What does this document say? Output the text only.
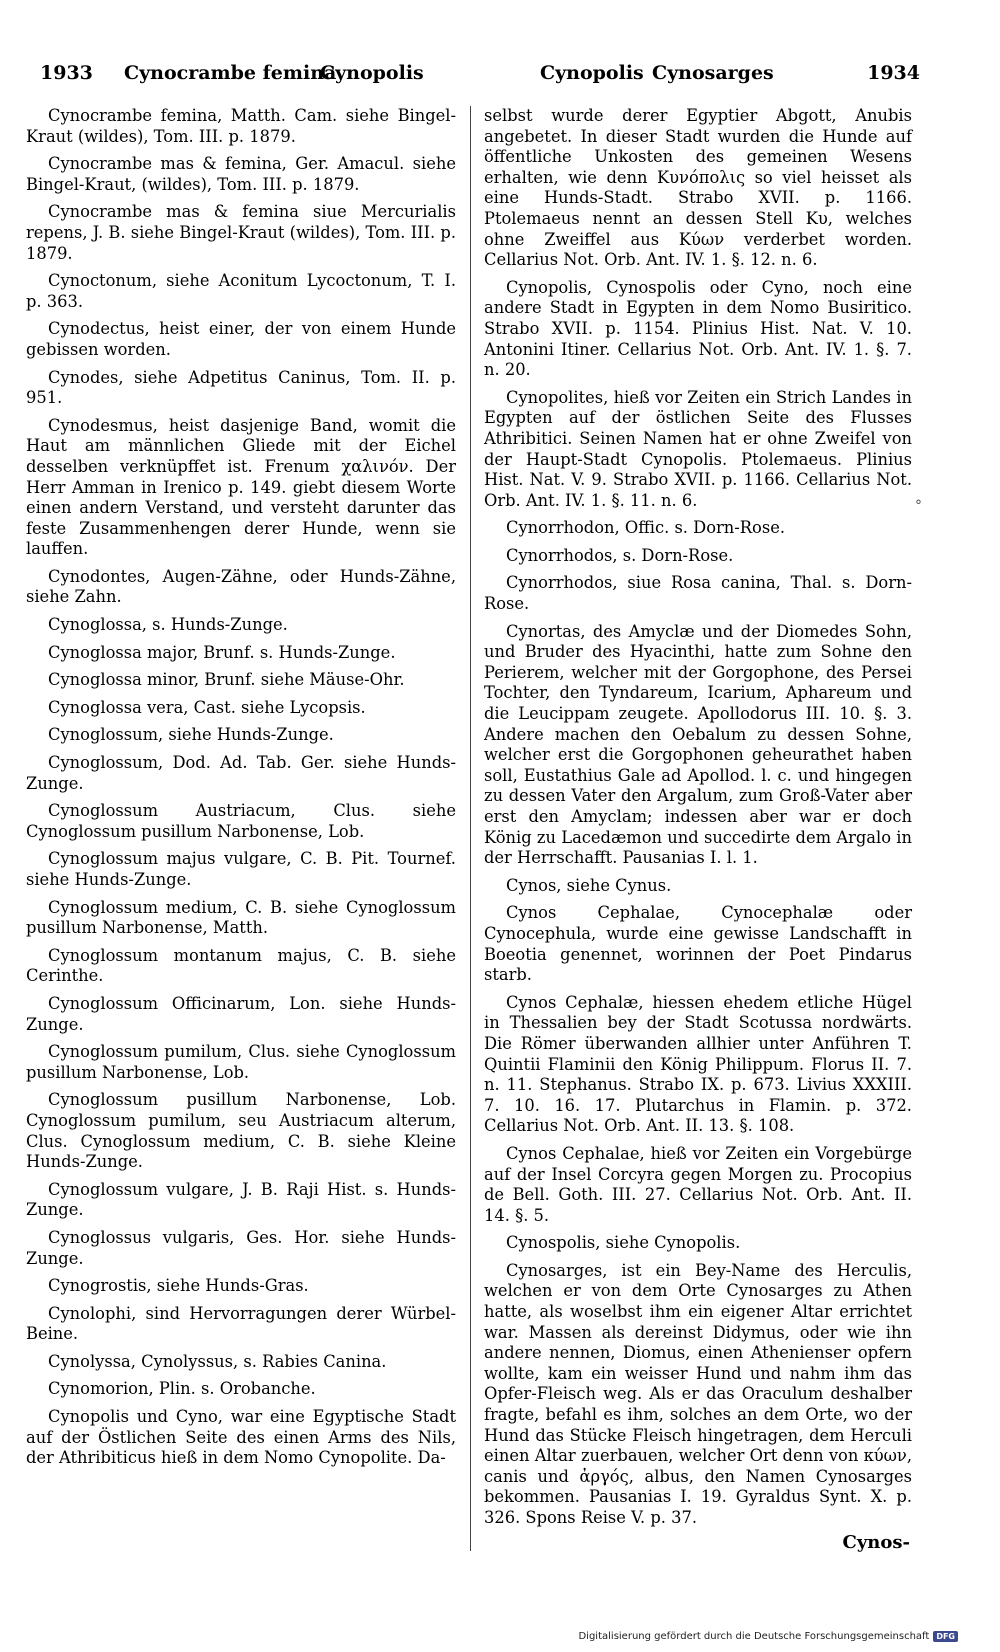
1933 Cynocrambe femina
Cynopolis	Cynopolis Cynosarges	1934

Cynocrambe femina, Matth. Cam. siehe Bingel-Kraut (wildes), Tom. III. p. 1879.

Cynocrambe mas & femina, Ger. Amacul. siehe Bingel-Kraut, (wildes), Tom. III. p. 1879.

Cynocrambe mas & femina siue Mercurialis repens, J. B. siehe Bingel-Kraut (wildes), Tom. III. p. 1879.

Cynoctonum, siehe Aconitum Lycoctonum, T. I. p. 363.

Cynodectus, heist einer, der von einem Hunde gebissen worden.

Cynodes, siehe Adpetitus Caninus, Tom. II. p. 951.

Cynodesmus, heist dasjenige Band, womit die Haut am männlichen Gliede mit der Eichel desselben verknüpffet ist. Frenum χαλινόν. Der Herr Amman in Irenico p. 149. giebt diesem Worte einen andern Verstand, und versteht darunter das feste Zusammenhengen derer Hunde, wenn sie lauffen.

Cynodontes, Augen-Zähne, oder Hunds-Zähne, siehe Zahn.

Cynoglossa, s. Hunds-Zunge.

Cynoglossa major, Brunf. s. Hunds-Zunge.

Cynoglossa minor, Brunf. siehe Mäuse-Ohr.

Cynoglossa vera, Cast. siehe Lycopsis.

Cynoglossum, siehe Hunds-Zunge.

Cynoglossum, Dod. Ad. Tab. Ger. siehe Hunds-Zunge.

Cynoglossum Austriacum, Clus. siehe Cynoglossum pusillum Narbonense, Lob.

Cynoglossum majus vulgare, C. B. Pit. Tournef. siehe Hunds-Zunge.

Cynoglossum medium, C. B. siehe Cynoglossum pusillum Narbonense, Matth.

Cynoglossum montanum majus, C. B. siehe Cerinthe.

Cynoglossum Officinarum, Lon. siehe Hunds-Zunge.

Cynoglossum pumilum, Clus. siehe Cynoglossum pusillum Narbonense, Lob.

Cynoglossum pusillum Narbonense, Lob. Cynoglossum pumilum, seu Austriacum alterum, Clus. Cynoglossum medium, C. B. siehe Kleine Hunds-Zunge.

Cynoglossum vulgare, J. B. Raji Hist. s. Hunds-Zunge.

Cynoglossus vulgaris, Ges. Hor. siehe Hunds-Zunge.

Cynogrostis, siehe Hunds-Gras.

Cynolophi, sind Hervorragungen derer Würbel-Beine.

Cynolyssa, Cynolyssus, s. Rabies Canina.

Cynomorion, Plin. s. Orobanche.

Cynopolis und Cyno, war eine Egyptische Stadt auf der Östlichen Seite des einen Arms des Nils, der Athribiticus hieß in dem Nomo Cynopolite. Da-

selbst wurde derer Egyptier Abgott, Anubis angebetet. In dieser Stadt wurden die Hunde auf öffentliche Unkosten des gemeinen Wesens erhalten, wie denn Κυνόπολις so viel heisset als eine Hunds-Stadt. Strabo XVII. p. 1166. Ptolemaeus nennt an dessen Stell Κυ, welches ohne Zweiffel aus Κύων verderbet worden. Cellarius Not. Orb. Ant. IV. 1. §. 12. n. 6.

Cynopolis, Cynospolis oder Cyno, noch eine andere Stadt in Egypten in dem Nomo Busiritico. Strabo XVII. p. 1154. Plinius Hist. Nat. V. 10. Antonini Itiner. Cellarius Not. Orb. Ant. IV. 1. §. 7. n. 20.

Cynopolites, hieß vor Zeiten ein Strich Landes in Egypten auf der östlichen Seite des Flusses Athribitici. Seinen Namen hat er ohne Zweifel von der Haupt-Stadt Cynopolis. Ptolemaeus. Plinius Hist. Nat. V. 9. Strabo XVII. p. 1166. Cellarius Not. Orb. Ant. IV. 1. §. 11. n. 6.

Cynorrhodon, Offic. s. Dorn-Rose.

Cynorrhodos, s. Dorn-Rose.

Cynorrhodos, siue Rosa canina, Thal. s. Dorn-Rose.

Cynortas, des Amyclæ und der Diomedes Sohn, und Bruder des Hyacinthi, hatte zum Sohne den Perierem, welcher mit der Gorgophone, des Persei Tochter, den Tyndareum, Icarium, Aphareum und die Leucippam zeugete. Apollodorus III. 10. §. 3. Andere machen den Oebalum zu dessen Sohne, welcher erst die Gorgophonen geheurathet haben soll, Eustathius Gale ad Apollod. l. c. und hingegen zu dessen Vater den Argalum, zum Groß-Vater aber erst den Amyclam; indessen aber war er doch König zu Lacedæmon und succedirte dem Argalo in der Herrschafft. Pausanias I. l. 1.

Cynos, siehe Cynus.

Cynos Cephalae, Cynocephalæ oder Cynocephula, wurde eine gewisse Landschafft in Boeotia genennet, worinnen der Poet Pindarus starb.

Cynos Cephalæ, hiessen ehedem etliche Hügel in Thessalien bey der Stadt Scotussa nordwärts. Die Römer überwanden allhier unter Anführen T. Quintii Flaminii den König Philippum. Florus II. 7. n. 11. Stephanus. Strabo IX. p. 673. Livius XXXIII. 7. 10. 16. 17. Plutarchus in Flamin. p. 372. Cellarius Not. Orb. Ant. II. 13. §. 108.

Cynos Cephalae, hieß vor Zeiten ein Vorgebürge auf der Insel Corcyra gegen Morgen zu. Procopius de Bell. Goth. III. 27. Cellarius Not. Orb. Ant. II. 14. §. 5.

Cynospolis, siehe Cynopolis.

Cynosarges, ist ein Bey-Name des Herculis, welchen er von dem Orte Cynosarges zu Athen hatte, als woselbst ihm ein eigener Altar errichtet war. Massen als dereinst Didymus, oder wie ihn andere nennen, Diomus, einen Athenienser opfern wollte, kam ein weisser Hund und nahm ihm das Opfer-Fleisch weg. Als er das Oraculum deshalber fragte, befahl es ihm, solches an dem Orte, wo der Hund das Stücke Fleisch hingetragen, dem Herculi einen Altar zuerbauen, welcher Ort denn von κύων, canis und ἀργός, albus, den Namen Cynosarges bekommen. Pausanias I. 19. Gyraldus Synt. X. p. 326. Spons Reise V. p. 37.

°
Cynos-
Digitalisierung gefördert durch die Deutsche Forschungsgemeinschaft DFG
